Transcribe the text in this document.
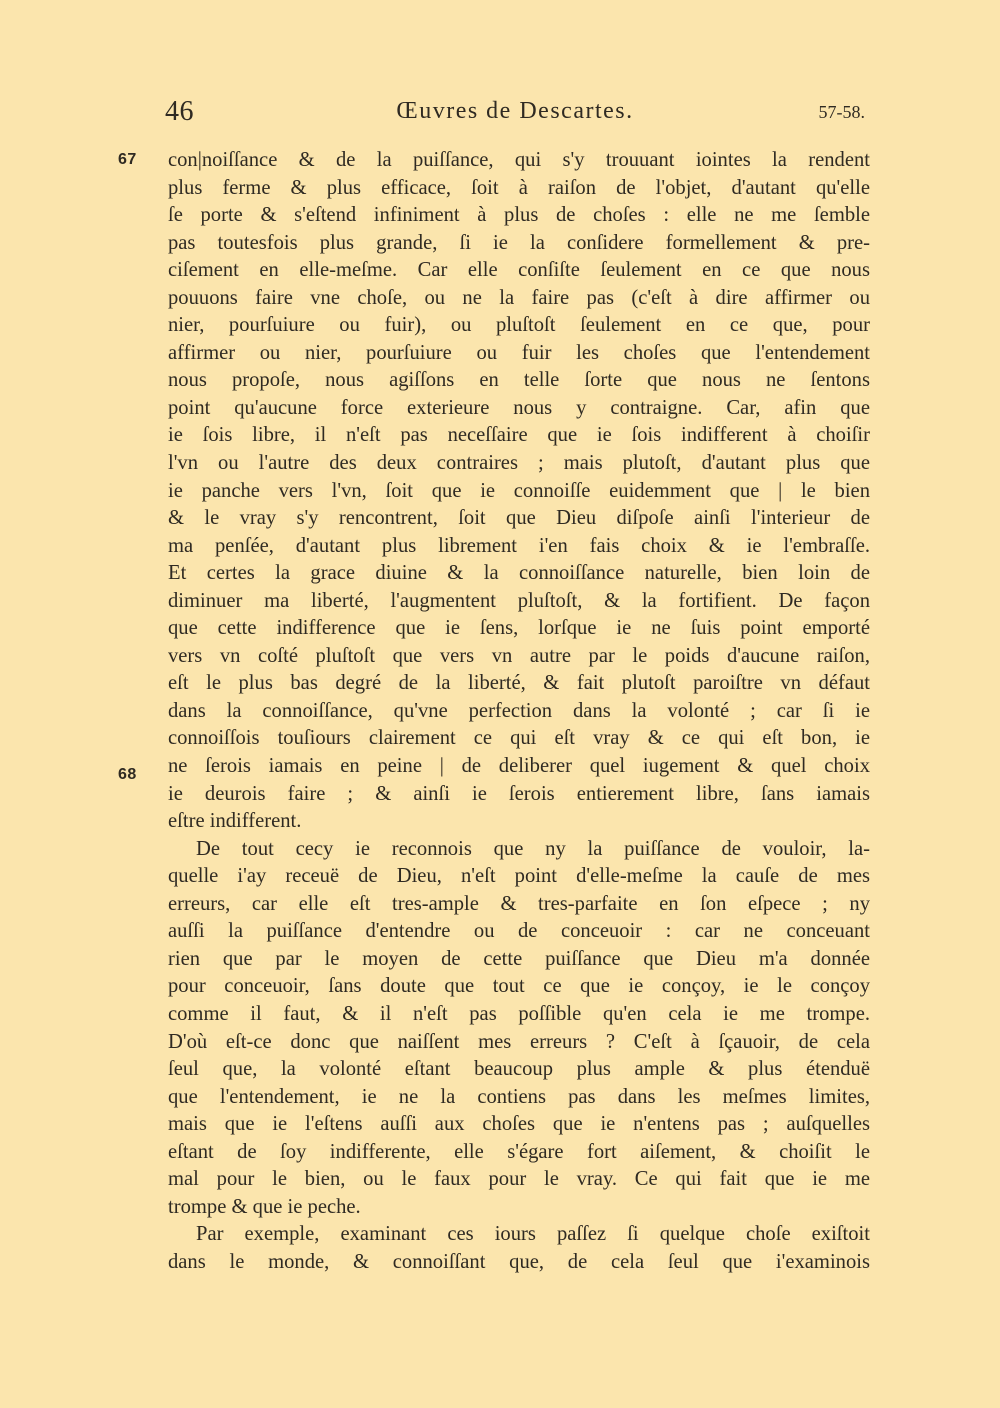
46	Œuvres de Descartes.	57-58.
67
68
con|noiſſance & de la puiſſance, qui s'y trouuant iointes la rendent
plus ferme & plus efficace, ſoit à raiſon de l'objet, d'autant qu'elle
ſe porte & s'eſtend infiniment à plus de choſes : elle ne me ſemble
pas toutesfois plus grande, ſi ie la conſidere formellement & pre-
ciſement en elle-meſme. Car elle conſiſte ſeulement en ce que nous
pouuons faire vne choſe, ou ne la faire pas (c'eſt à dire affirmer ou
nier, pourſuiure ou fuir), ou pluſtoſt ſeulement en ce que, pour
affirmer ou nier, pourſuiure ou fuir les choſes que l'entendement
nous propoſe, nous agiſſons en telle ſorte que nous ne ſentons
point qu'aucune force exterieure nous y contraigne. Car, afin que
ie ſois libre, il n'eſt pas neceſſaire que ie ſois indifferent à choiſir
l'vn ou l'autre des deux contraires ; mais plutoſt, d'autant plus que
ie panche vers l'vn, ſoit que ie connoiſſe euidemment que | le bien
& le vray s'y rencontrent, ſoit que Dieu diſpoſe ainſi l'interieur de
ma penſée, d'autant plus librement i'en fais choix & ie l'embraſſe.
Et certes la grace diuine & la connoiſſance naturelle, bien loin de
diminuer ma liberté, l'augmentent pluſtoſt, & la fortifient. De façon
que cette indifference que ie ſens, lorſque ie ne ſuis point emporté
vers vn coſté pluſtoſt que vers vn autre par le poids d'aucune raiſon,
eſt le plus bas degré de la liberté, & fait plutoſt paroiſtre vn défaut
dans la connoiſſance, qu'vne perfection dans la volonté ; car ſi ie
connoiſſois touſiours clairement ce qui eſt vray & ce qui eſt bon, ie
ne ſerois iamais en peine | de deliberer quel iugement & quel choix
ie deurois faire ; & ainſi ie ſerois entierement libre, ſans iamais
eſtre indifferent.
De tout cecy ie reconnois que ny la puiſſance de vouloir, la-
quelle i'ay receuë de Dieu, n'eſt point d'elle-meſme la cauſe de mes
erreurs, car elle eſt tres-ample & tres-parfaite en ſon eſpece ; ny
auſſi la puiſſance d'entendre ou de conceuoir : car ne conceuant
rien que par le moyen de cette puiſſance que Dieu m'a donnée
pour conceuoir, ſans doute que tout ce que ie conçoy, ie le conçoy
comme il faut, & il n'eſt pas poſſible qu'en cela ie me trompe.
D'où eſt-ce donc que naiſſent mes erreurs ? C'eſt à ſçauoir, de cela
ſeul que, la volonté eſtant beaucoup plus ample & plus étenduë
que l'entendement, ie ne la contiens pas dans les meſmes limites,
mais que ie l'eſtens auſſi aux choſes que ie n'entens pas ; auſquelles
eſtant de ſoy indifferente, elle s'égare fort aiſement, & choiſit le
mal pour le bien, ou le faux pour le vray. Ce qui fait que ie me
trompe & que ie peche.
Par exemple, examinant ces iours paſſez ſi quelque choſe exiſtoit
dans le monde, & connoiſſant que, de cela ſeul que i'examinois
